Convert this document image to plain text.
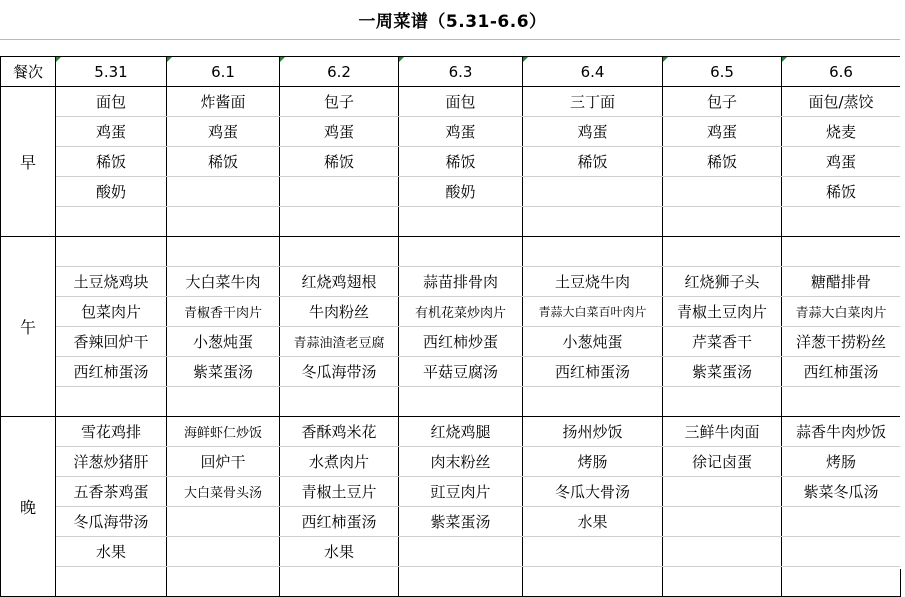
一周菜谱（5.31-6.6）
餐次	5.31	6.1	6.2	6.3	6.4	6.5	6.6
早	面包	炸酱面	包子	面包	三丁面	包子	面包/蒸饺
	鸡蛋	鸡蛋	鸡蛋	鸡蛋	鸡蛋	鸡蛋	烧麦
	稀饭	稀饭	稀饭	稀饭	稀饭	稀饭	鸡蛋
	酸奶			酸奶			稀饭

午							
	土豆烧鸡块	大白菜牛肉	红烧鸡翅根	蒜苗排骨肉	土豆烧牛肉	红烧狮子头	糖醋排骨
	包菜肉片	青椒香干肉片	牛肉粉丝	有机花菜炒肉片	青蒜大白菜百叶肉片	青椒土豆肉片	青蒜大白菜肉片
	香辣回炉干	小葱炖蛋	青蒜油渣老豆腐	西红柿炒蛋	小葱炖蛋	芹菜香干	洋葱干捞粉丝
	西红柿蛋汤	紫菜蛋汤	冬瓜海带汤	平菇豆腐汤	西红柿蛋汤	紫菜蛋汤	西红柿蛋汤

晚	雪花鸡排	海鲜虾仁炒饭	香酥鸡米花	红烧鸡腿	扬州炒饭	三鲜牛肉面	蒜香牛肉炒饭
	洋葱炒猪肝	回炉干	水煮肉片	肉末粉丝	烤肠	徐记卤蛋	烤肠
	五香茶鸡蛋	大白菜骨头汤	青椒土豆片	豇豆肉片	冬瓜大骨汤		紫菜冬瓜汤
	冬瓜海带汤		西红柿蛋汤	紫菜蛋汤	水果		
	水果		水果				
